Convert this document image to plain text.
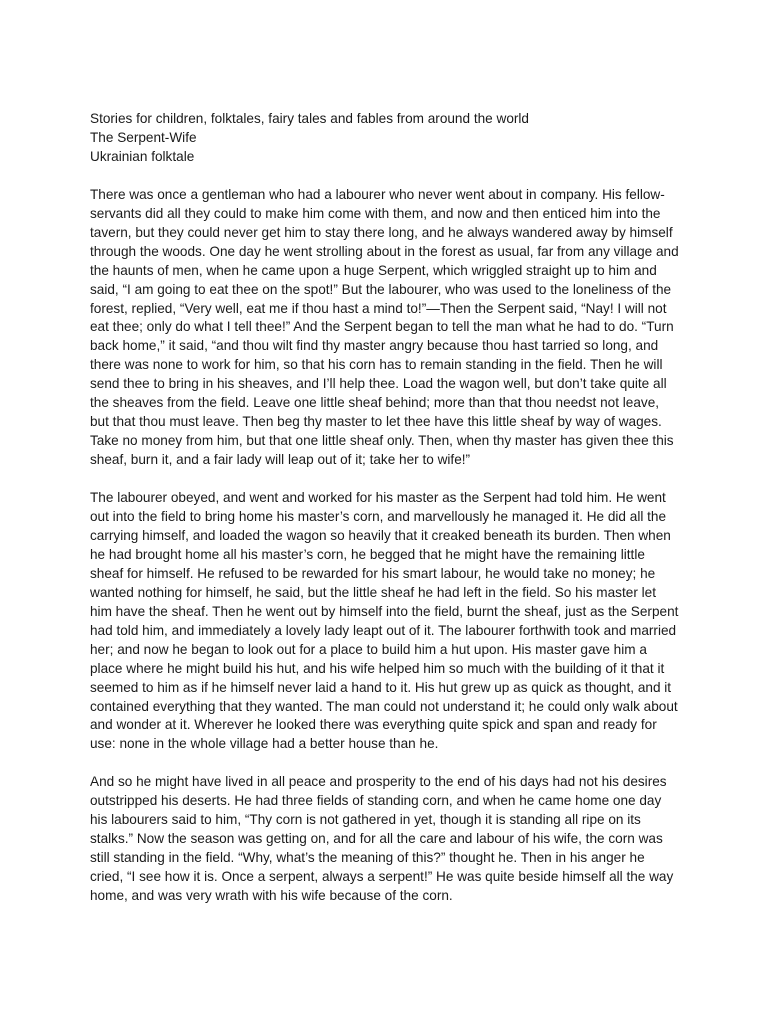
Stories for children, folktales, fairy tales and fables from around the world
The Serpent-Wife
Ukrainian folktale

There was once a gentleman who had a labourer who never went about in company. His fellow-servants did all they could to make him come with them, and now and then enticed him into the tavern, but they could never get him to stay there long, and he always wandered away by himself through the woods. One day he went strolling about in the forest as usual, far from any village and the haunts of men, when he came upon a huge Serpent, which wriggled straight up to him and said, “I am going to eat thee on the spot!” But the labourer, who was used to the loneliness of the forest, replied, “Very well, eat me if thou hast a mind to!”—Then the Serpent said, “Nay! I will not eat thee; only do what I tell thee!” And the Serpent began to tell the man what he had to do. “Turn back home,” it said, “and thou wilt find thy master angry because thou hast tarried so long, and there was none to work for him, so that his corn has to remain standing in the field. Then he will send thee to bring in his sheaves, and I’ll help thee. Load the wagon well, but don’t take quite all the sheaves from the field. Leave one little sheaf behind; more than that thou needst not leave, but that thou must leave. Then beg thy master to let thee have this little sheaf by way of wages. Take no money from him, but that one little sheaf only. Then, when thy master has given thee this sheaf, burn it, and a fair lady will leap out of it; take her to wife!”

The labourer obeyed, and went and worked for his master as the Serpent had told him. He went out into the field to bring home his master’s corn, and marvellously he managed it. He did all the carrying himself, and loaded the wagon so heavily that it creaked beneath its burden. Then when he had brought home all his master’s corn, he begged that he might have the remaining little sheaf for himself. He refused to be rewarded for his smart labour, he would take no money; he wanted nothing for himself, he said, but the little sheaf he had left in the field. So his master let him have the sheaf. Then he went out by himself into the field, burnt the sheaf, just as the Serpent had told him, and immediately a lovely lady leapt out of it. The labourer forthwith took and married her; and now he began to look out for a place to build him a hut upon. His master gave him a place where he might build his hut, and his wife helped him so much with the building of it that it seemed to him as if he himself never laid a hand to it. His hut grew up as quick as thought, and it contained everything that they wanted. The man could not understand it; he could only walk about and wonder at it. Wherever he looked there was everything quite spick and span and ready for use: none in the whole village had a better house than he.

And so he might have lived in all peace and prosperity to the end of his days had not his desires outstripped his deserts. He had three fields of standing corn, and when he came home one day his labourers said to him, “Thy corn is not gathered in yet, though it is standing all ripe on its stalks.” Now the season was getting on, and for all the care and labour of his wife, the corn was still standing in the field. “Why, what’s the meaning of this?” thought he. Then in his anger he cried, “I see how it is. Once a serpent, always a serpent!” He was quite beside himself all the way home, and was very wrath with his wife because of the corn.
